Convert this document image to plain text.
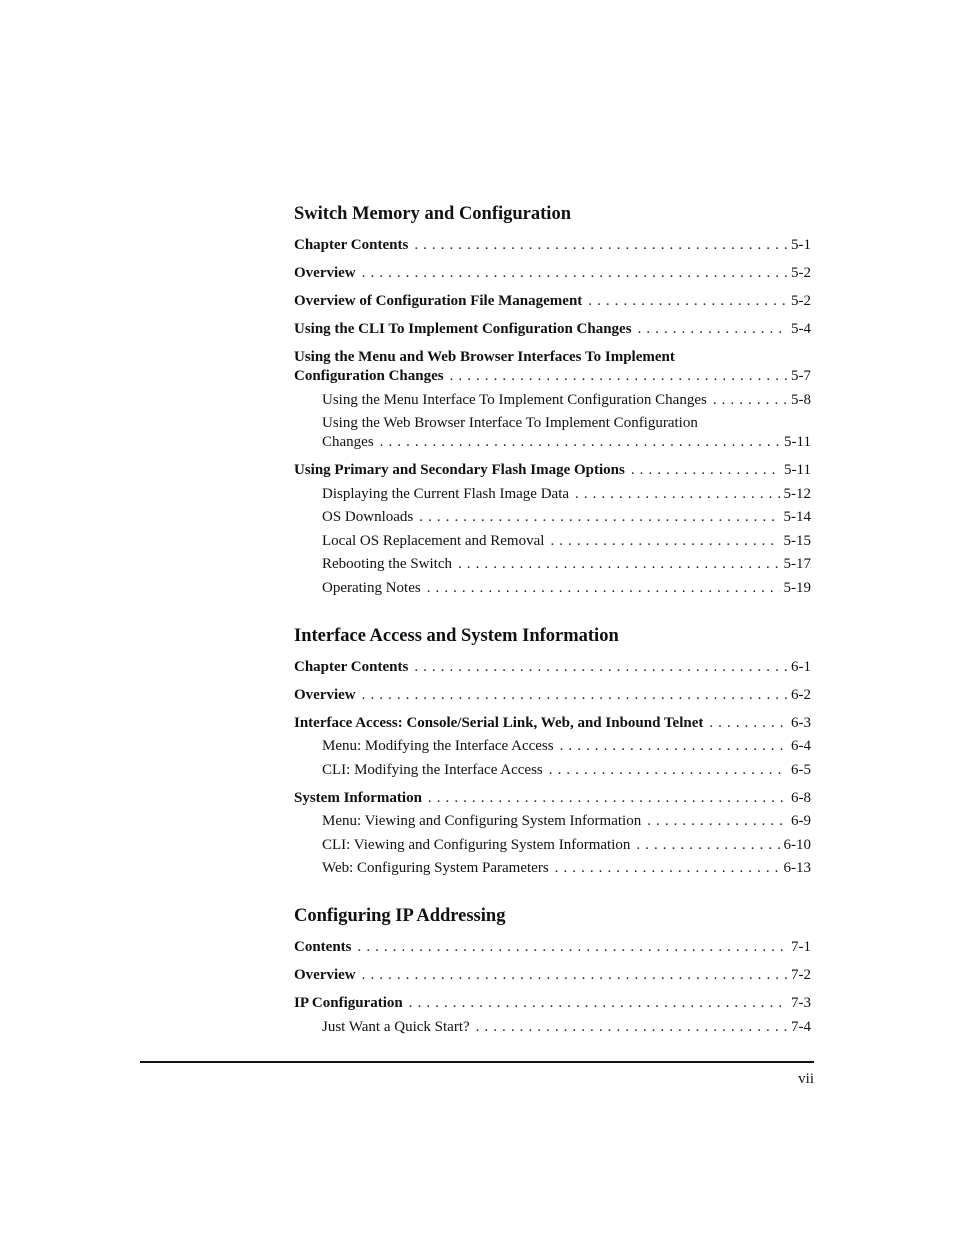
Switch Memory and Configuration
Chapter Contents . . .	5-1
Overview . . .	5-2
Overview of Configuration File Management . . .	5-2
Using the CLI To Implement Configuration Changes . . .	5-4
Using the Menu and Web Browser Interfaces To Implement
Configuration Changes . . .	5-7
Using the Menu Interface To Implement Configuration Changes . . .	5-8
Using the Web Browser Interface To Implement Configuration
Changes . . .	5-11
Using Primary and Secondary Flash Image Options . . .	5-11
Displaying the Current Flash Image Data . . .	5-12
OS Downloads . . .	5-14
Local OS Replacement and Removal . . .	5-15
Rebooting the Switch . . .	5-17
Operating Notes . . .	5-19
Interface Access and System Information
Chapter Contents . . .	6-1
Overview . . .	6-2
Interface Access: Console/Serial Link, Web, and Inbound Telnet . . .	6-3
Menu: Modifying the Interface Access . . .	6-4
CLI: Modifying the Interface Access . . .	6-5
System Information . . .	6-8
Menu: Viewing and Configuring System Information . . .	6-9
CLI: Viewing and Configuring System Information . . .	6-10
Web: Configuring System Parameters . . .	6-13
Configuring IP Addressing
Contents . . .	7-1
Overview . . .	7-2
IP Configuration . . .	7-3
Just Want a Quick Start? . . .	7-4
vii
